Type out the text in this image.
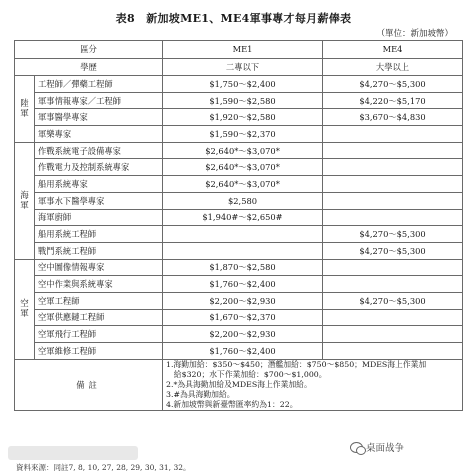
表8　新加坡ME1、ME4軍事專才每月薪俸表
（單位：新加坡幣）
區分		ME1	ME4
學歷		二專以下	大學以上

陸
軍	工程師／彈藥工程師	$1,750～$2,400	$4,270～$5,300
	軍事情報專家／工程師	$1,590～$2,580	$4,220～$5,170
	軍事醫學專家	$1,920～$2,580	$3,670～$4,830
	軍樂專家	$1,590～$2,370	

海
軍	作戰系統電子設備專家	$2,640*～$3,070*	
	作戰電力及控制系統專家	$2,640*～$3,070*	
	船用系統專家	$2,640*～$3,070*	
	軍事水下醫學專家	$2,580	
	海軍廚師	$1,940#～$2,650#	
	船用系統工程師		$4,270～$5,300
	戰鬥系統工程師		$4,270～$5,300

空
軍	空中圖像情報專家	$1,870～$2,580	
	空中作業與系統專家	$1,760～$2,400	
	空軍工程師	$2,200～$2,930	$4,270～$5,300
	空軍供應鏈工程師	$1,670～$2,370	
	空軍飛行工程師	$2,200～$2,930	
	空軍維修工程師	$1,760～$2,400	
備註		1.海勤加給：$350～$450；潛艦加給：$750～$850；MDES海上作業加
　給$320；水下作業加給：$700～$1,000。
2.*為具海勤加給及MDES海上作業加給。
3.#為具海勤加給。
4.新加坡幣與新臺幣匯率約為1：22。	
桌面战争
資料來源：同註7, 8, 10, 27, 28, 29, 30, 31, 32。
